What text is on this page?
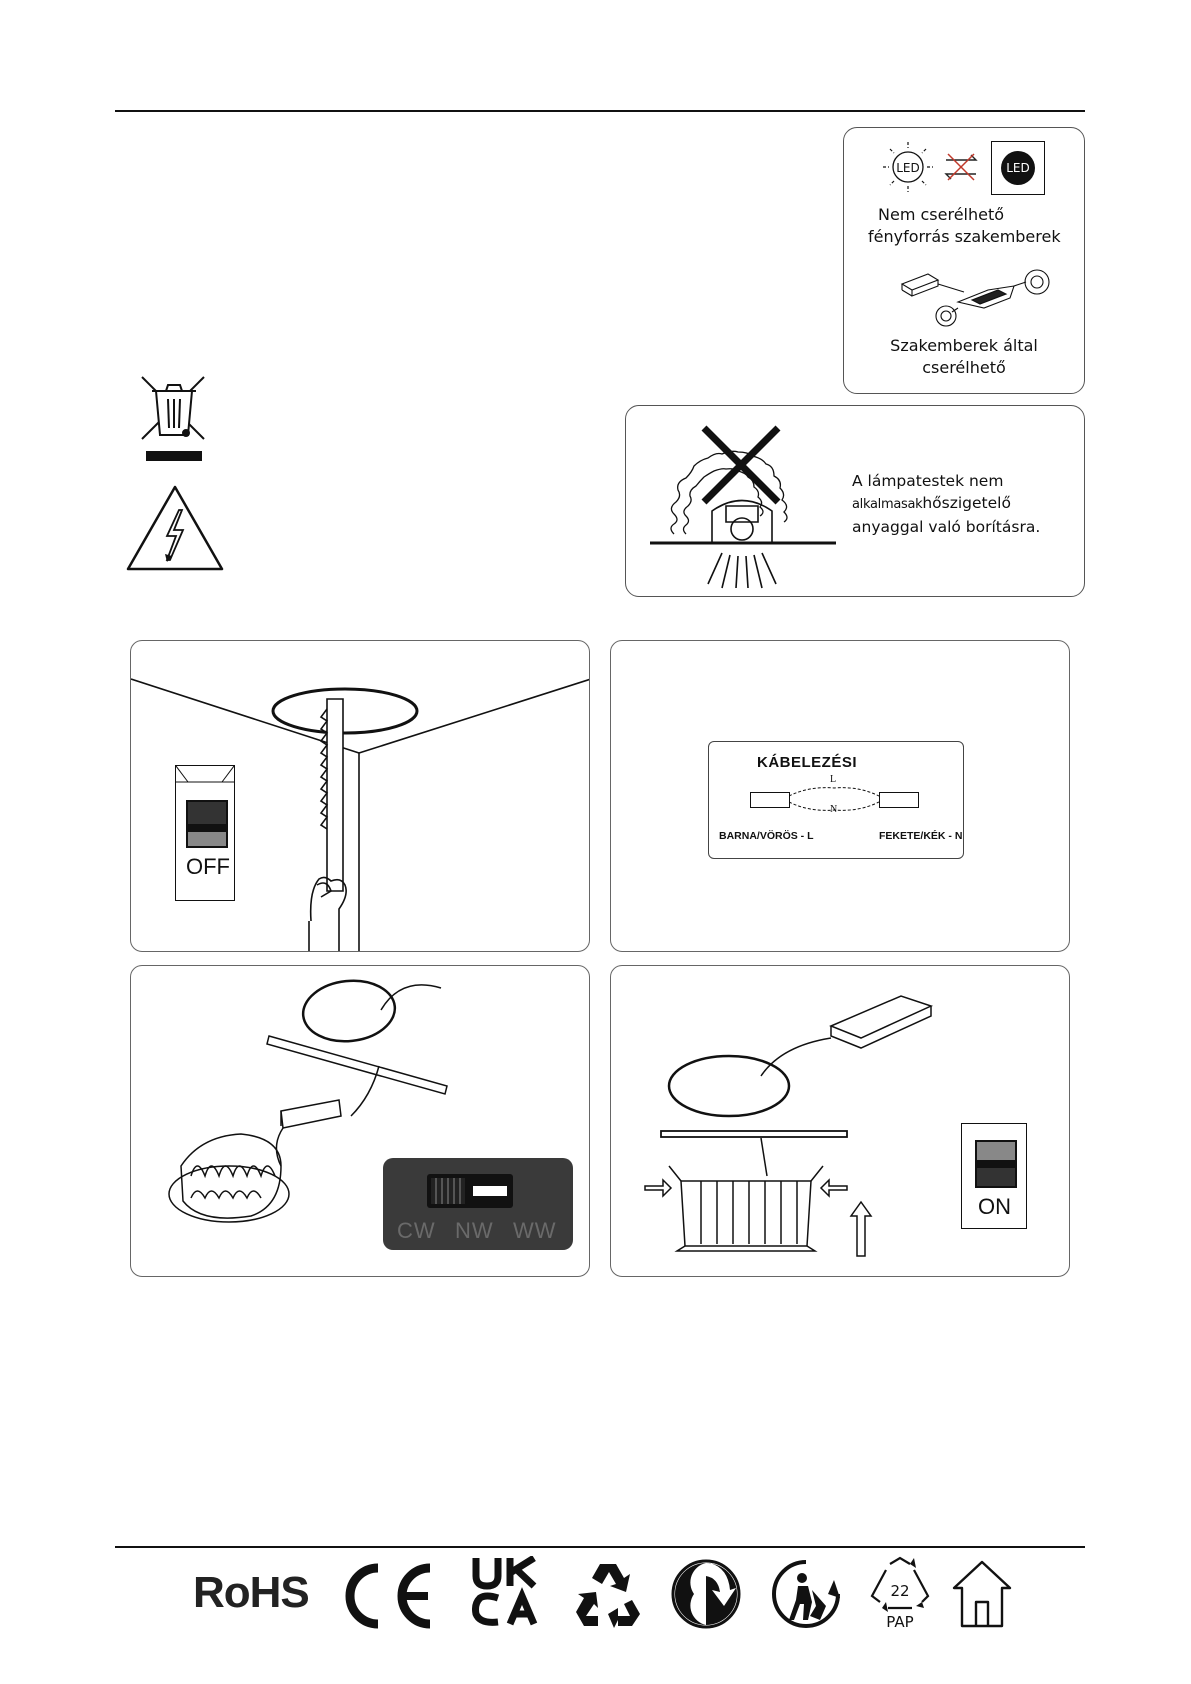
LED	LED
Nem cserélhető
fényforrás szakemberek
Szakemberek által
cserélhető
A lámpatestek nem
alkalmasakhőszigetelő
anyaggal való borításra.
OFF
KÁBELEZÉSI
L
N
BARNA/VÖRÖS - L	FEKETE/KÉK - N
CW NW WW
ON
RoHS	22
PAP
